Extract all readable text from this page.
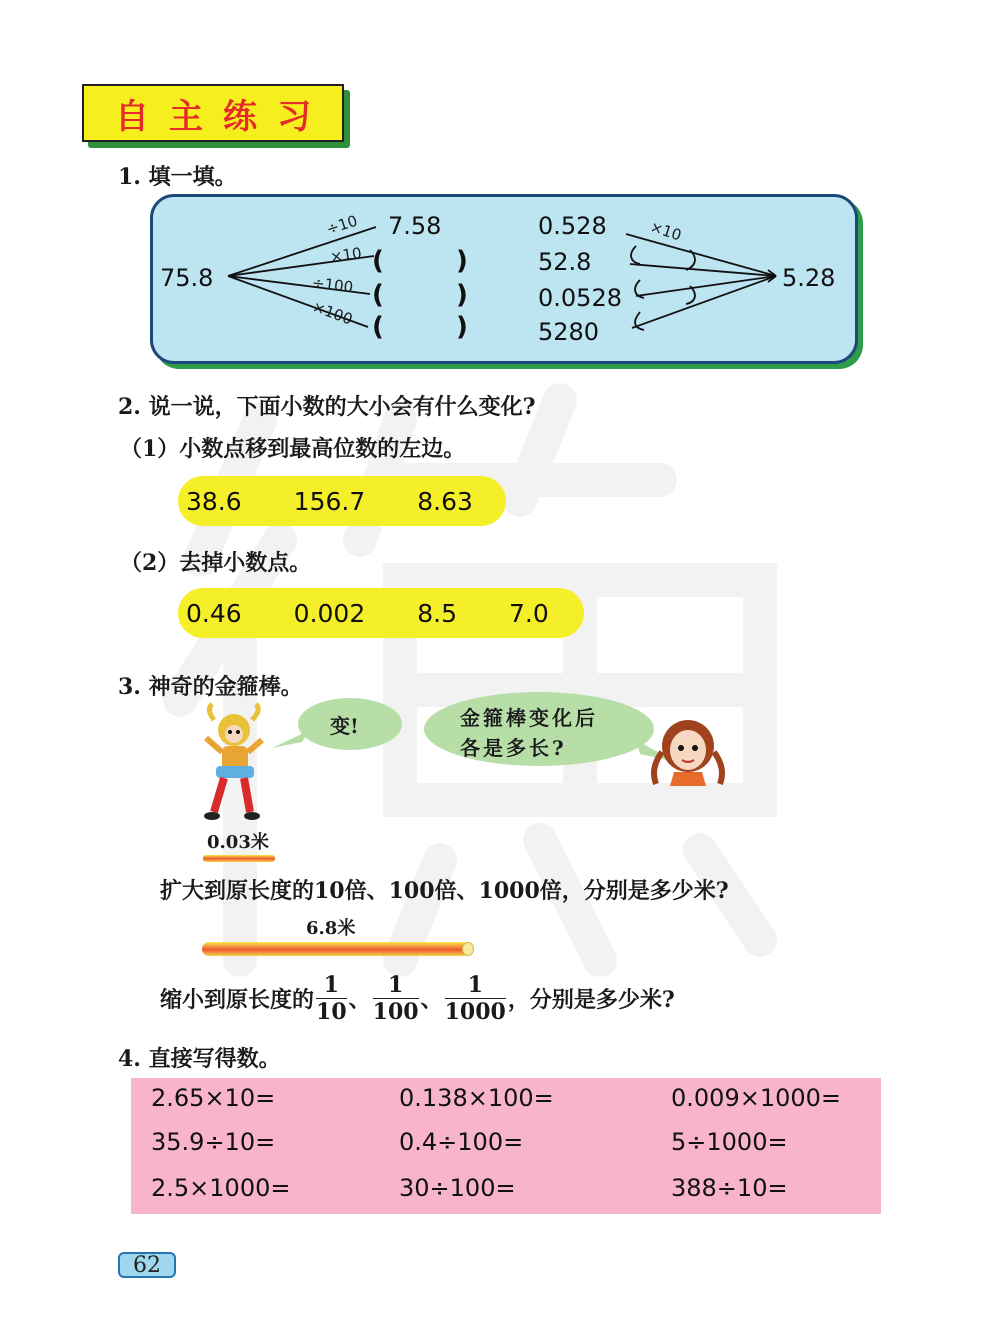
自主练习
1. 填一填。
75.8
÷10
×10
÷100
×100
7.58
(	)
(	)
(	)
0.528
52.8
0.0528
5280
×10
5.28
2. 说一说，下面小数的大小会有什么变化?
（1）小数点移到最高位数的左边。
38.6 156.7 8.63
（2）去掉小数点。
0.46 0.002 8.5 7.0
3. 神奇的金箍棒。
变!	金箍棒变化后
各是多长?
0.03米
扩大到原长度的10倍、100倍、1000倍，分别是多少米?
6.8米
缩小到原长度的 $\frac{1}{10}$ 、 $\frac{1}{100}$ 、 $\frac{1}{1000}$ ，分别是多少米?
4. 直接写得数。
2.65×10=	0.138×100=	0.009×1000=
35.9÷10=	0.4÷100=	5÷1000=
2.5×1000=	30÷100=	388÷10=
62
